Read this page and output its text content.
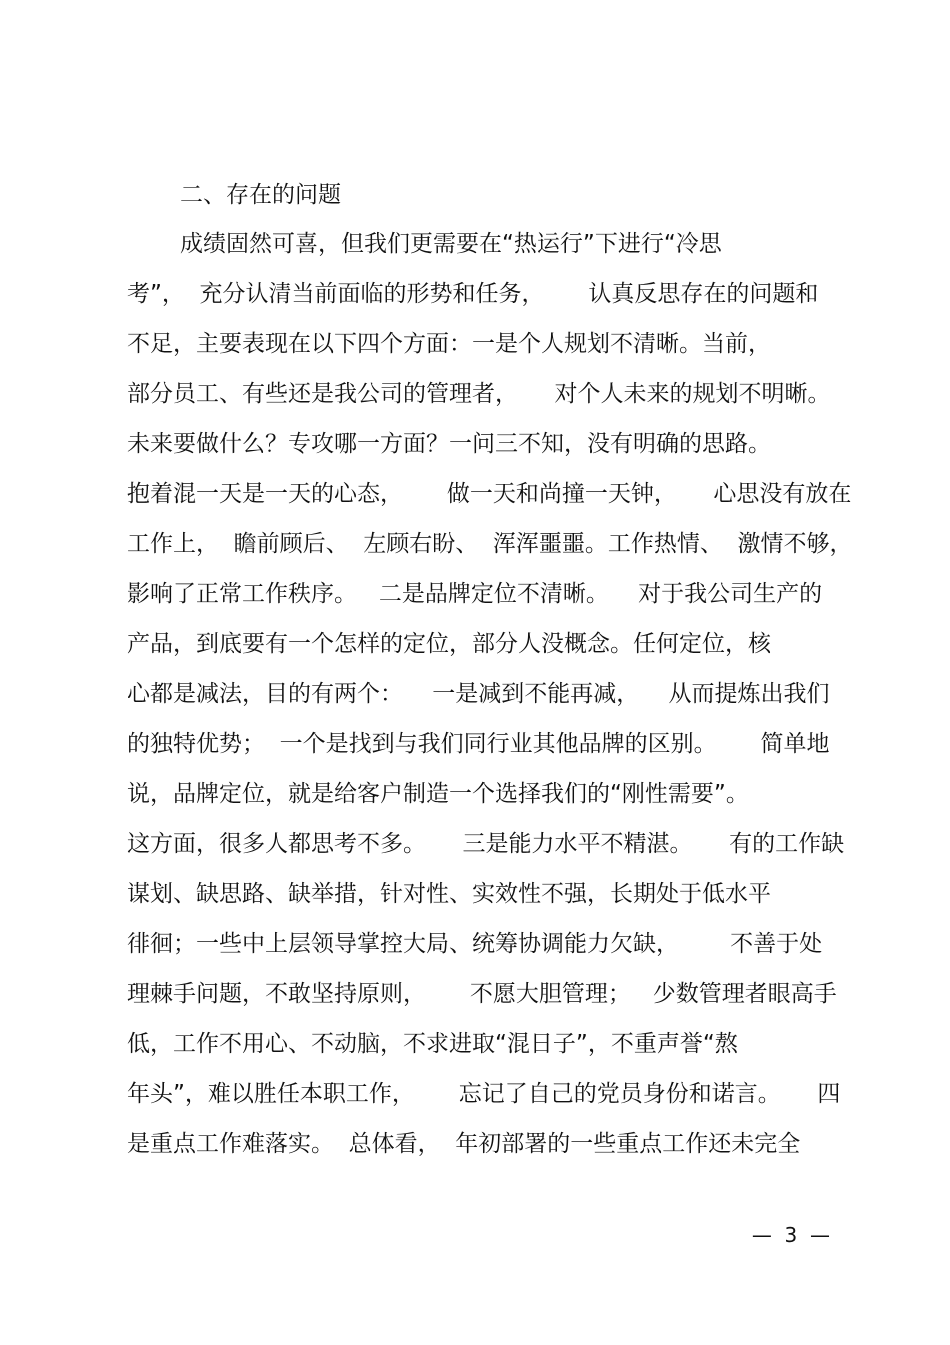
二、存在的问题
成绩固然可喜，但我们更需要在“热运行”下进行“冷思
考”，  充分认清当前面临的形势和任务，      认真反思存在的问题和
不足，主要表现在以下四个方面：一是个人规划不清晰。当前，
部分员工、有些还是我公司的管理者，     对个人未来的规划不明晰。
未来要做什么？专攻哪一方面？一问三不知，没有明确的思路。
抱着混一天是一天的心态，      做一天和尚撞一天钟，     心思没有放在
工作上，  瞻前顾后、  左顾右盼、  浑浑噩噩。工作热情、  激情不够，
影响了正常工作秩序。   二是品牌定位不清晰。    对于我公司生产的
产品，到底要有一个怎样的定位，部分人没概念。任何定位，核
心都是减法，目的有两个：    一是减到不能再减，    从而提炼出我们
的独特优势；  一个是找到与我们同行业其他品牌的区别。      简单地
说，品牌定位，就是给客户制造一个选择我们的“刚性需要”。
这方面，很多人都思考不多。     三是能力水平不精湛。     有的工作缺
谋划、缺思路、缺举措，针对性、实效性不强，长期处于低水平
徘徊；一些中上层领导掌控大局、统筹协调能力欠缺，       不善于处
理棘手问题，不敢坚持原则，      不愿大胆管理；   少数管理者眼高手
低，工作不用心、不动脑，不求进取“混日子”，不重声誉“熬
年头”，难以胜任本职工作，      忘记了自己的党员身份和诺言。     四
是重点工作难落实。  总体看，  年初部署的一些重点工作还未完全
—  3  —
